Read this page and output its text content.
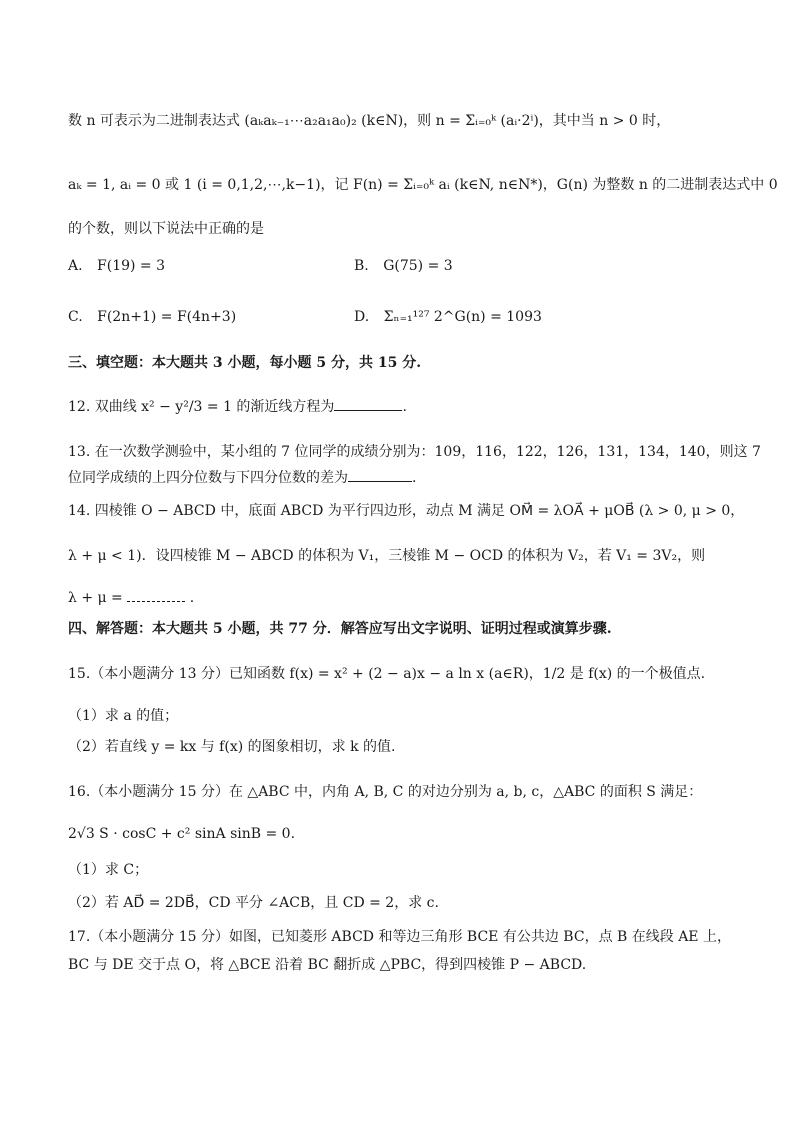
数 n 可表示为二进制表达式 (aₖaₖ₋₁⋯a₂a₁a₀)₂ (k∈N)，则 n = Σᵢ₌₀ᵏ (aᵢ·2ⁱ)，其中当 n > 0 时，
aₖ = 1, aᵢ = 0 或 1 (i = 0,1,2,⋯,k−1)，记 F(n) = Σᵢ₌₀ᵏ aᵢ (k∈N, n∈N*)，G(n) 为整数 n 的二进制表达式中 0
的个数，则以下说法中正确的是
A. F(19) = 3	B. G(75) = 3
C. F(2n+1) = F(4n+3)	D. Σₙ₌₁¹²⁷ 2^G(n) = 1093
三、填空题：本大题共 3 小题，每小题 5 分，共 15 分.
12. 双曲线 x² − y²/3 = 1 的渐近线方程为	.
13. 在一次数学测验中，某小组的 7 位同学的成绩分别为：109，116，122，126，131，134，140，则这 7
位同学成绩的上四分位数与下四分位数的差为	.
14. 四棱锥 O − ABCD 中，底面 ABCD 为平行四边形，动点 M 满足 OM⃗ = λOA⃗ + μOB⃗ (λ > 0, μ > 0，
λ + μ < 1)．设四棱锥 M − ABCD 的体积为 V₁，三棱锥 M − OCD 的体积为 V₂，若 V₁ = 3V₂，则
λ + μ =	.
四、解答题：本大题共 5 小题，共 77 分．解答应写出文字说明、证明过程或演算步骤.
15.（本小题满分 13 分）已知函数 f(x) = x² + (2 − a)x − a ln x (a∈R)，1/2 是 f(x) 的一个极值点.
（1）求 a 的值；
（2）若直线 y = kx 与 f(x) 的图象相切，求 k 的值.
16.（本小题满分 15 分）在 △ABC 中，内角 A, B, C 的对边分别为 a, b, c，△ABC 的面积 S 满足：
2√3 S · cosC + c² sinA sinB = 0.
（1）求 C；
（2）若 AD⃗ = 2DB⃗，CD 平分 ∠ACB，且 CD = 2，求 c.
17.（本小题满分 15 分）如图，已知菱形 ABCD 和等边三角形 BCE 有公共边 BC，点 B 在线段 AE 上，
BC 与 DE 交于点 O，将 △BCE 沿着 BC 翻折成 △PBC，得到四棱锥 P − ABCD.
